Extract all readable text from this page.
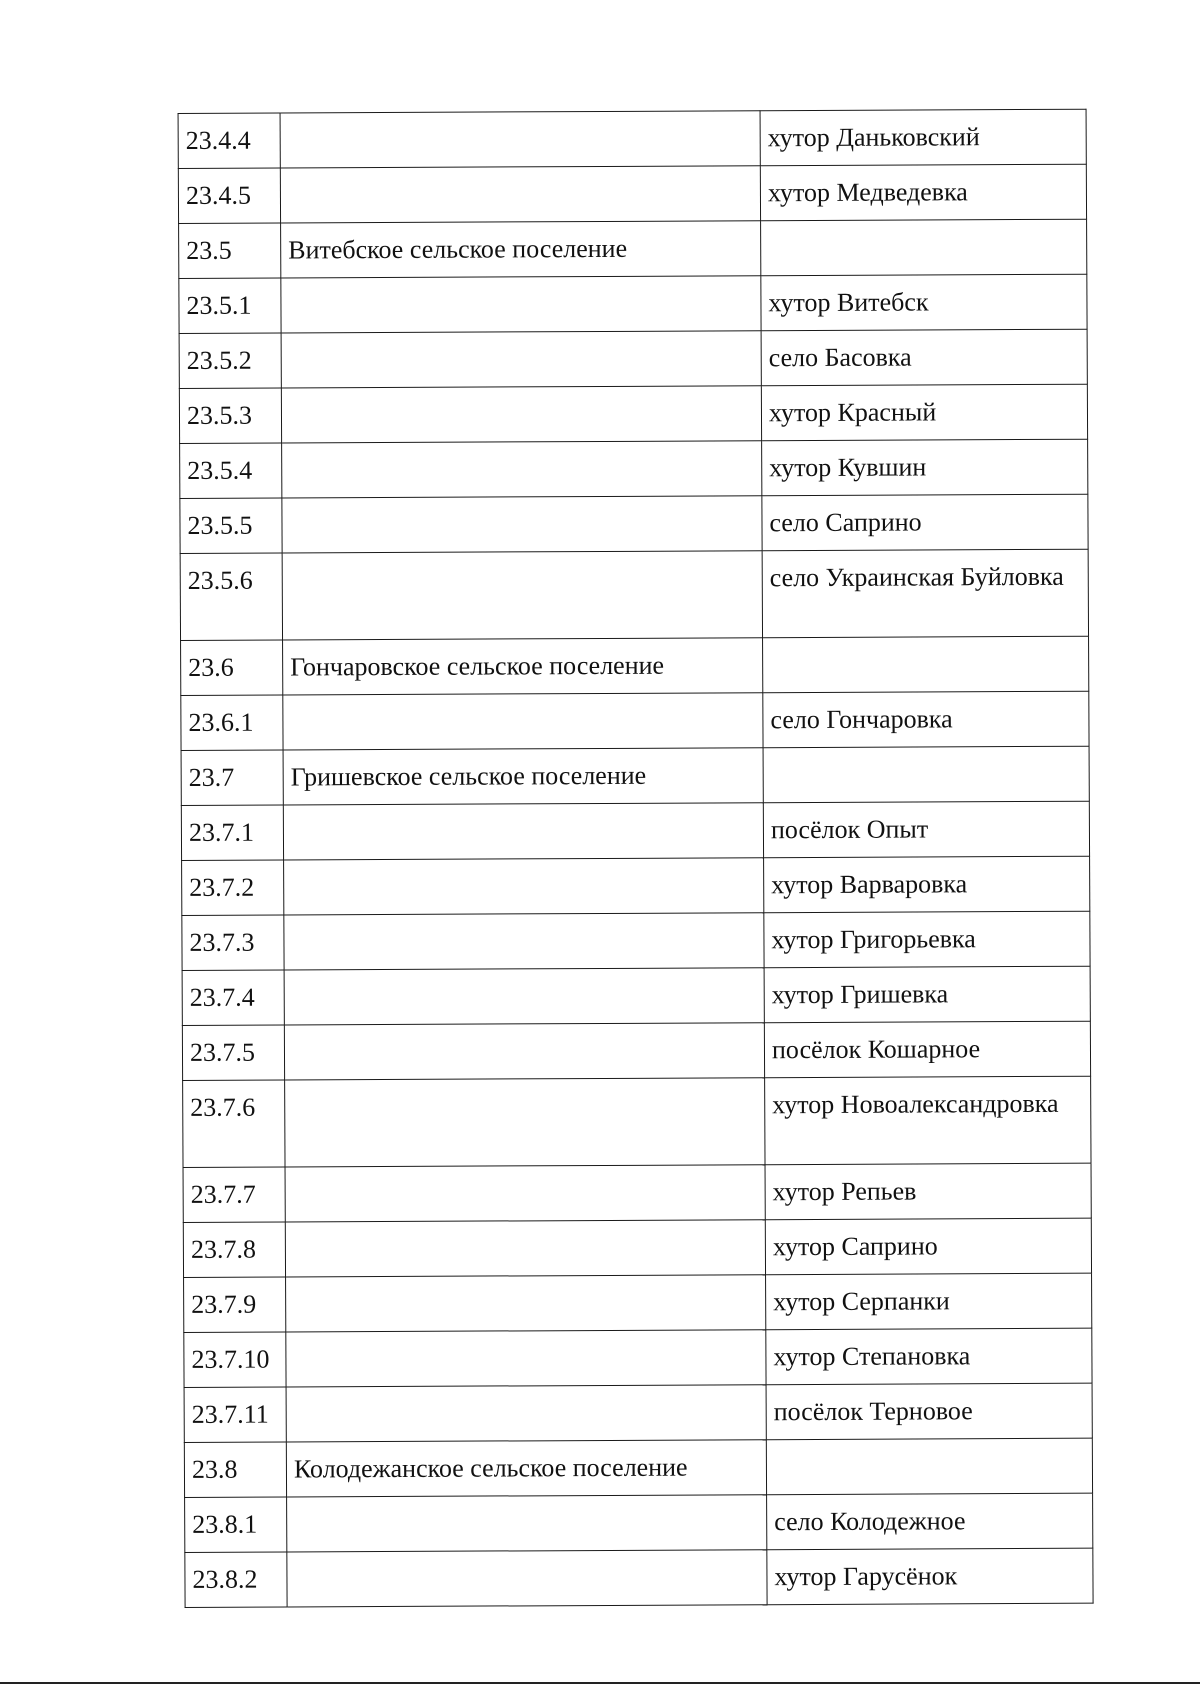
23.4.4		хутор Даньковский
23.4.5		хутор Медведевка
23.5	Витебское сельское поселение	
23.5.1		хутор Витебск
23.5.2		село Басовка
23.5.3		хутор Красный
23.5.4		хутор Кувшин
23.5.5		село Саприно
23.5.6		село Украинская Буйловка
23.6	Гончаровское сельское поселение	
23.6.1		село Гончаровка
23.7	Гришевское сельское поселение	
23.7.1		посёлок Опыт
23.7.2		хутор Варваровка
23.7.3		хутор Григорьевка
23.7.4		хутор Гришевка
23.7.5		посёлок Кошарное
23.7.6		хутор Новоалександровка
23.7.7		хутор Репьев
23.7.8		хутор Саприно
23.7.9		хутор Серпанки
23.7.10		хутор Степановка
23.7.11		посёлок Терновое
23.8	Колодежанское сельское поселение	
23.8.1		село Колодежное
23.8.2		хутор Гарусёнок
